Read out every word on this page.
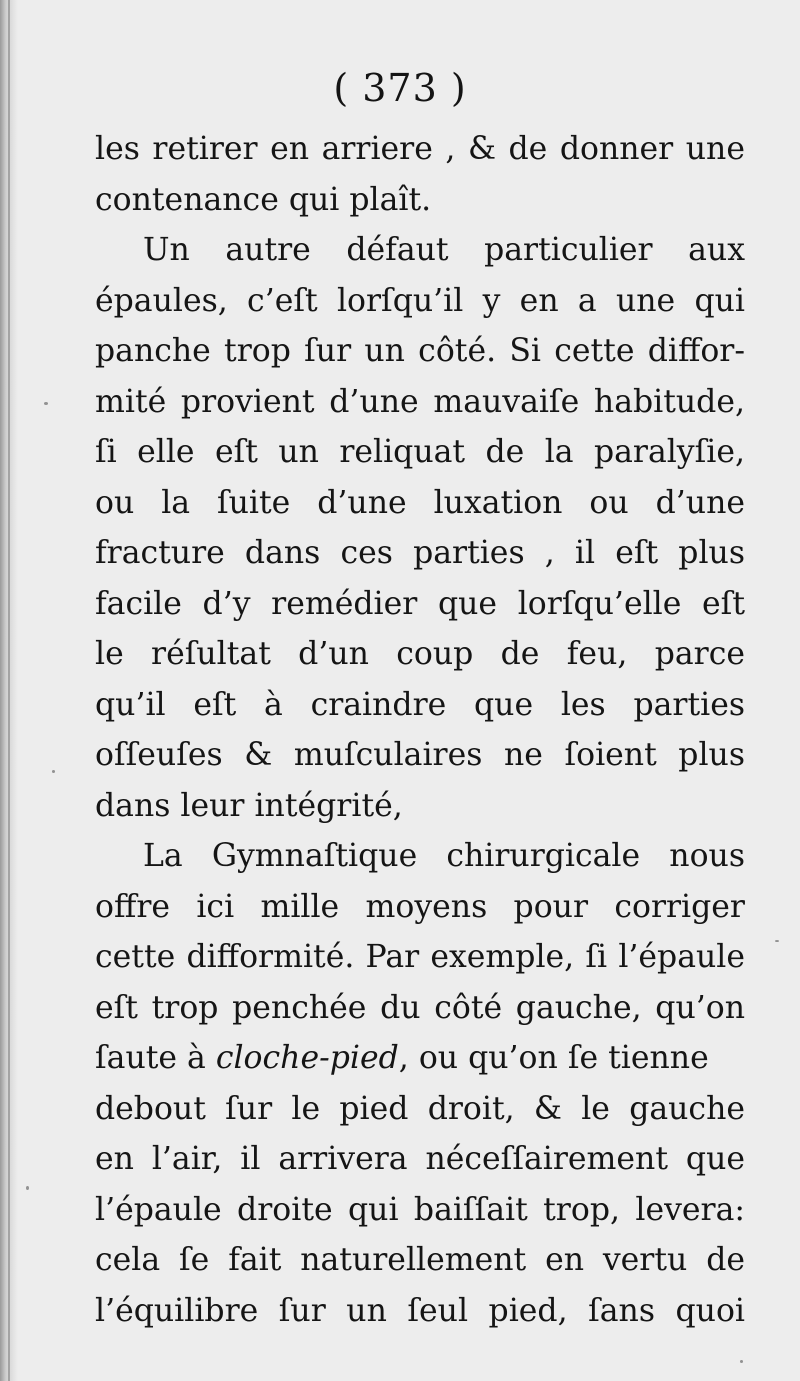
( 373 )
les retirer en arriere , & de donner une
contenance qui plaît.
Un autre défaut particulier aux
épaules, c’eſt lorſqu’il y en a une qui
panche trop ſur un côté. Si cette diffor-
mité provient d’une mauvaiſe habitude,
ſi elle eſt un reliquat de la paralyſie,
ou la ſuite d’une luxation ou d’une
fracture dans ces parties , il eſt plus
facile d’y remédier que lorſqu’elle eſt
le réſultat d’un coup de feu, parce
qu’il eſt à craindre que les parties
oſſeuſes & muſculaires ne ſoient plus
dans leur intégrité,
La Gymnaſtique chirurgicale nous
offre ici mille moyens pour corriger
cette difformité. Par exemple, ſi l’épaule
eſt trop penchée du côté gauche, qu’on
ſaute à cloche-pied, ou qu’on ſe tienne
debout ſur le pied droit, & le gauche
en l’air, il arrivera néceſſairement que
l’épaule droite qui baiſſait trop, levera:
cela ſe fait naturellement en vertu de
l’équilibre ſur un ſeul pied, ſans quoi
